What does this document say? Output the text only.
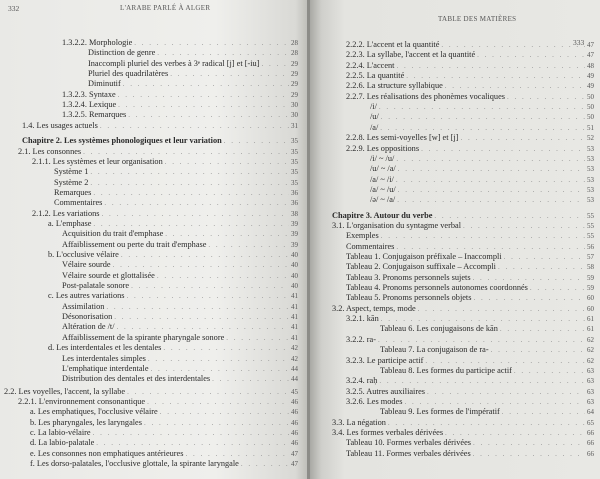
332	L'ARABE PARLÉ À ALGER
1.3.2.2. Morphologie . . .	28
Distinction de genre . . .	28
Inaccompli pluriel des verbes à 3ᵉ radical [j] et [-iu] . . .	29
Pluriel des quadrilatères . . .	29
Diminutif . . .	29
1.3.2.3. Syntaxe . . .	29
1.3.2.4. Lexique . . .	30
1.3.2.5. Remarques . . .	30
1.4. Les usages actuels . . .	31
Chapitre 2. Les systèmes phonologiques et leur variation . . .	35
2.1. Les consonnes . . .	35
2.1.1. Les systèmes et leur organisation . . .	35
Système 1 . . .	35
Système 2 . . .	35
Remarques . . .	36
Commentaires . . .	36
2.1.2. Les variations . . .	38
a. L'emphase . . .	39
Acquisition du trait d'emphase . . .	39
Affaiblissement ou perte du trait d'emphase . . .	39
b. L'occlusive vélaire . . .	40
Vélaire sourde . . .	40
Vélaire sourde et glottalisée . . .	40
Post-palatale sonore . . .	40
c. Les autres variations . . .	41
Assimilation . . .	41
Désonorisation . . .	41
Altération de /t/ . . .	41
Affaiblissement de la spirante pharyngale sonore . . .	41
d. Les interdentales et les dentales . . .	42
Les interdentales simples . . .	42
L'emphatique interdentale . . .	44
Distribution des dentales et des interdentales . . .	44
2.2. Les voyelles, l'accent, la syllabe . . .	45
2.2.1. L'environnement consonantique . . .	46
a. Les emphatiques, l'occlusive vélaire . . .	46
b. Les pharyngales, les laryngales . . .	46
c. La labio-vélaire . . .	46
d. La labio-palatale . . .	46
e. Les consonnes non emphatiques antérieures . . .	47
f. Les dorso-palatales, l'occlusive glottale, la spirante laryngale . . .	47
TABLE DES MATIÈRES
333
2.2.2. L'accent et la quantité . . .	47
2.2.3. La syllabe, l'accent et la quantité . . .	47
2.2.4. L'accent . . .	48
2.2.5. La quantité . . .	49
2.2.6. La structure syllabique . . .	49
2.2.7. Les réalisations des phonèmes vocaliques . . .	50
/i/ . . .	50
/u/ . . .	50
/a/ . . .	51
2.2.8. Les semi-voyelles [w] et [j] . . .	52
2.2.9. Les oppositions . . .	53
/i/ ~ /u/ . . .	53
/u/ ~ /a/ . . .	53
/a/ ~ /i/ . . .	53
/a/ ~ /u/ . . .	53
/ə/ ~ /a/ . . .	53
Chapitre 3. Autour du verbe . . .	55
3.1. L'organisation du syntagme verbal . . .	55
Exemples . . .	55
Commentaires . . .	56
Tableau 1. Conjugaison préfixale – Inaccompli . . .	57
Tableau 2. Conjugaison suffixale – Accompli . . .	58
Tableau 3. Pronoms personnels sujets . . .	59
Tableau 4. Pronoms personnels autonomes coordonnés . . .	59
Tableau 5. Pronoms personnels objets . . .	60
3.2. Aspect, temps, mode . . .	60
3.2.1. kān . . .	61
Tableau 6. Les conjugaisons de kān . . .	61
3.2.2. ra- . . .	62
Tableau 7. La conjugaison de ra- . . .	62
3.2.3. Le participe actif . . .	62
Tableau 8. Les formes du participe actif . . .	63
3.2.4. raḥ . . .	63
3.2.5. Autres auxiliaires . . .	63
3.2.6. Les modes . . .	63
Tableau 9. Les formes de l'impératif . . .	64
3.3. La négation . . .	65
3.4. Les formes verbales dérivées . . .	66
Tableau 10. Formes verbales dérivées . . .	66
Tableau 11. Formes verbales dérivées . . .	66
